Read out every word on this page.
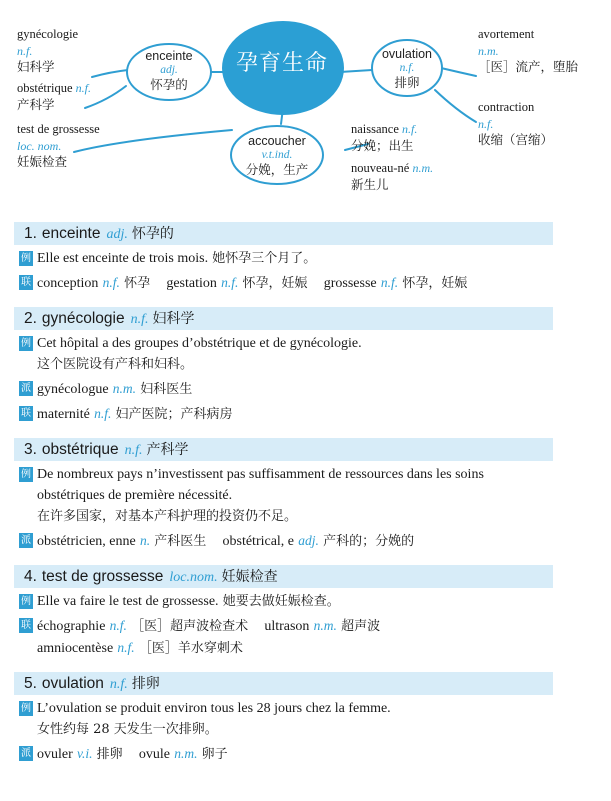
孕育生命
gynécologie
n.f.
妇科学
obstétrique n.f.
产科学
test de grossesse loc. nom.
妊娠检查
enceinte
adj.
怀孕的
ovulation
n.f.
排卵
accoucher
v.t.ind.
分娩，生产
avortement
n.m.
［医］流产，堕胎
contraction
n.f.
收缩（宫缩）
naissance n.f.
分娩；出生
nouveau-né n.m.
新生儿
1. enceinte adj. 怀孕的
例 Elle est enceinte de trois mois. 她怀孕三个月了。
联 conception n.f. 怀孕 gestation n.f. 怀孕，妊娠 grossesse n.f. 怀孕，妊娠
2. gynécologie n.f. 妇科学
例 Cet hôpital a des groupes d’obstétrique et de gynécologie.
这个医院设有产科和妇科。
派 gynécologue n.m. 妇科医生
联 maternité n.f. 妇产医院；产科病房
3. obstétrique n.f. 产科学
例 De nombreux pays n’investissent pas suffisamment de ressources dans les soins
obstétriques de première nécessité.
在许多国家，对基本产科护理的投资仍不足。
派 obstétricien, enne n. 产科医生 obstétrical, e adj. 产科的；分娩的
4. test de grossesse loc.nom. 妊娠检查
例 Elle va faire le test de grossesse. 她要去做妊娠检查。
联 échographie n.f. ［医］超声波检查术 ultrason n.m. 超声波
amniocentèse n.f. ［医］羊水穿刺术
5. ovulation n.f. 排卵
例 L’ovulation se produit environ tous les 28 jours chez la femme.
女性约每 28 天发生一次排卵。
派 ovuler v.i. 排卵 ovule n.m. 卵子
